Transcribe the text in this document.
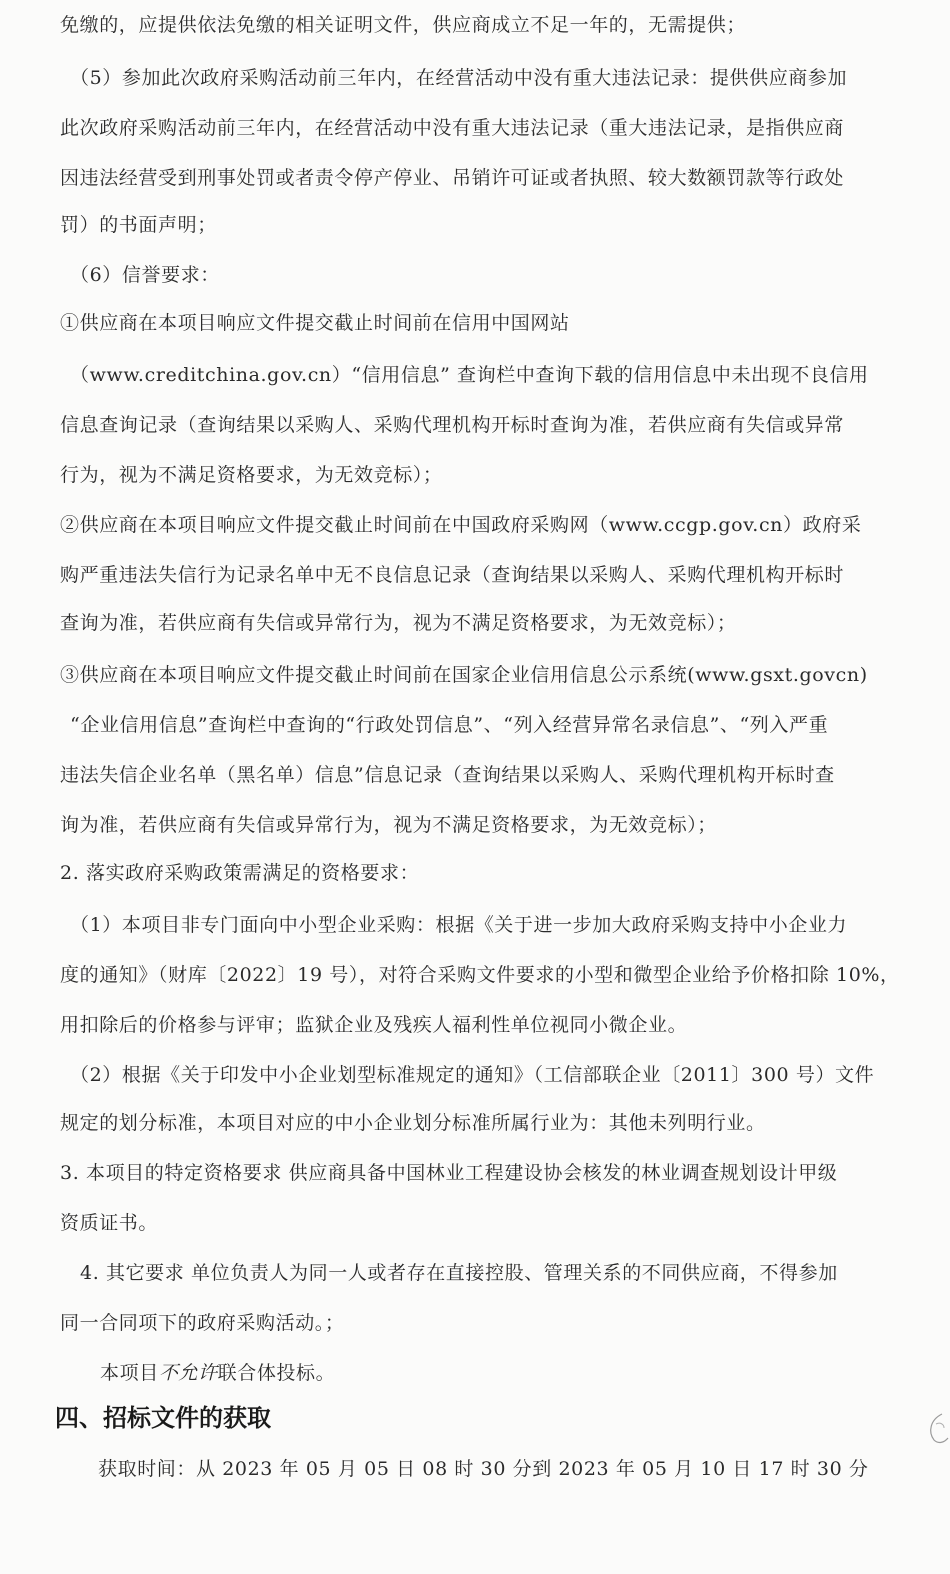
免缴的，应提供依法免缴的相关证明文件，供应商成立不足一年的，无需提供；
（5）参加此次政府采购活动前三年内，在经营活动中没有重大违法记录：提供供应商参加
此次政府采购活动前三年内，在经营活动中没有重大违法记录（重大违法记录，是指供应商
因违法经营受到刑事处罚或者责令停产停业、吊销许可证或者执照、较大数额罚款等行政处
罚）的书面声明；
（6）信誉要求：
①供应商在本项目响应文件提交截止时间前在信用中国网站
（www.creditchina.gov.cn）“信用信息” 查询栏中查询下载的信用信息中未出现不良信用
信息查询记录（查询结果以采购人、采购代理机构开标时查询为准，若供应商有失信或异常
行为，视为不满足资格要求，为无效竞标）；
②供应商在本项目响应文件提交截止时间前在中国政府采购网（www.ccgp.gov.cn）政府采
购严重违法失信行为记录名单中无不良信息记录（查询结果以采购人、采购代理机构开标时
查询为准，若供应商有失信或异常行为，视为不满足资格要求，为无效竞标）；
③供应商在本项目响应文件提交截止时间前在国家企业信用信息公示系统(www.gsxt.govcn)
“企业信用信息”查询栏中查询的“行政处罚信息”、“列入经营异常名录信息”、“列入严重
违法失信企业名单（黑名单）信息”信息记录（查询结果以采购人、采购代理机构开标时查
询为准，若供应商有失信或异常行为，视为不满足资格要求，为无效竞标）；
2. 落实政府采购政策需满足的资格要求：
（1）本项目非专门面向中小型企业采购：根据《关于进一步加大政府采购支持中小企业力
度的通知》（财库〔2022〕19 号），对符合采购文件要求的小型和微型企业给予价格扣除 10%，
用扣除后的价格参与评审；监狱企业及残疾人福利性单位视同小微企业。
（2）根据《关于印发中小企业划型标准规定的通知》（工信部联企业〔2011〕300 号）文件
规定的划分标准，本项目对应的中小企业划分标准所属行业为：其他未列明行业。
3. 本项目的特定资格要求 供应商具备中国林业工程建设协会核发的林业调查规划设计甲级
资质证书。
4. 其它要求 单位负责人为同一人或者存在直接控股、管理关系的不同供应商，不得参加
同一合同项下的政府采购活动。；
本项目不允许联合体投标。
四、招标文件的获取
获取时间：从 2023 年 05 月 05 日 08 时 30 分到 2023 年 05 月 10 日 17 时 30 分
